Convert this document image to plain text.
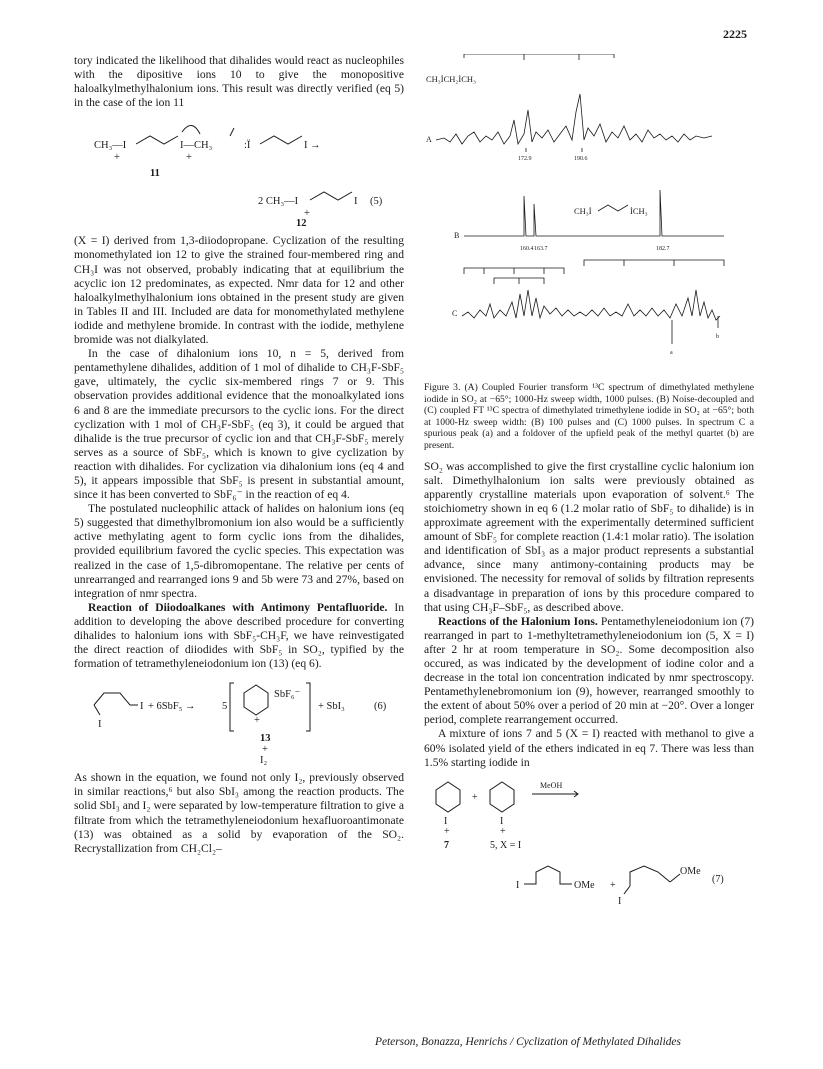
2225

tory indicated the likelihood that dihalides would react as nucleophiles with the dipositive ions 10 to give the monopositive haloalkylmethylhalonium ions. This result was directly verified (eq 5) in the case of the ion 11

CH₃—I
+
I—CH₃
+
:Ï	I →
11
2 CH₃—I
+
I (5)
12

(X = I) derived from 1,3-diiodopropane. Cyclization of the resulting monomethylated ion 12 to give the strained four-membered ring and CH₃I was not observed, probably indicating that at equilibrium the acyclic ion 12 predominates, as expected. Nmr data for 12 and other haloalkylmethylhalonium ions obtained in the present study are given in Tables II and III. Included are data for monomethylated methylene iodide and methylene bromide. In contrast with the iodide, methylene bromide was not dialkylated.

In the case of dihalonium ions 10, n = 5, derived from pentamethylene dihalides, addition of 1 mol of dihalide to CH₃F-SbF₅ gave, ultimately, the cyclic six-membered rings 7 or 9. This observation provides additional evidence that the monoalkylated ions 6 and 8 are the immediate precursors to the cyclic ions. For the direct cyclization with 1 mol of CH₃F-SbF₅ (eq 3), it could be argued that dihalide is the true precursor of cyclic ion and that CH₃F-SbF₅ merely serves as a source of SbF₅, which is known to give cyclization by reaction with dihalides. For cyclization via dihalonium ions (eq 4 and 5), it appears impossible that SbF₅ is present in substantial amount, since it has been converted to SbF₆⁻ in the reaction of eq 4.

The postulated nucleophilic attack of halides on halonium ions (eq 5) suggested that dimethylbromonium ion also would be a sufficiently active methylating agent to form cyclic ions from the dihalides, provided equilibrium favored the cyclic species. This expectation was realized in the case of 1,5-dibromopentane. The relative per cents of unrearranged and rearranged ions 9 and 5b were 73 and 27%, based on integration of nmr spectra.

Reaction of Diiodoalkanes with Antimony Pentafluoride. In addition to developing the above described procedure for converting dihalides to halonium ions with SbF₅-CH₃F, we have reinvestigated the direct reaction of diiodides with SbF₅ in SO₂, typified by the formation of tetramethyleneiodonium ion (13) (eq 6).

I
I + 6SbF₅ →	5
+
SbF₆⁻
+ SbI₃	(6)
13
+
I₂

As shown in the equation, we found not only I₂, previously observed in similar reactions,⁶ but also SbI₃ among the reaction products. The solid SbI₃ and I₂ were separated by low-temperature filtration to give a filtrate from which the tetramethyleneiodonium hexafluoroantimonate (13) was obtained as a solid by evaporation of the SO₂. Recrystallization from CH₂Cl₂–

CH₃İCH₂İCH₃
A
172.9	190.6
CH₃İ	İCH₃
B
160.4 163.7	182.7
C
a
b
Figure 3. (A) Coupled Fourier transform ¹³C spectrum of dimethylated methylene iodide in SO₂ at −65°; 1000-Hz sweep width, 1000 pulses. (B) Noise-decoupled and (C) coupled FT ¹³C spectra of dimethylated trimethylene iodide in SO₂ at −65°; both at 1000-Hz sweep width: (B) 100 pulses and (C) 1000 pulses. In spectrum C a spurious peak (a) and a foldover of the upfield peak of the methyl quartet (b) are present.

SO₂ was accomplished to give the first crystalline cyclic halonium ion salt. Dimethylhalonium ion salts were previously obtained as apparently crystalline materials upon evaporation of solvent.⁶ The stoichiometry shown in eq 6 (1.2 molar ratio of SbF₅ to dihalide) is in approximate agreement with the experimentally determined sufficient amount of SbF₅ for complete reaction (1.4:1 molar ratio). The isolation and identification of SbI₃ as a major product represents a substantial advance, since many antimony-containing products may be envisioned. The necessity for removal of solids by filtration represents a disadvantage in preparation of ions by this procedure compared to that using CH₃F–SbF₅, as described above.

Reactions of the Halonium Ions. Pentamethyleneiodonium ion (7) rearranged in part to 1-methyltetramethyleneiodonium ion (5, X = I) after 2 hr at room temperature in SO₂. Some decomposition also occured, as was indicated by the development of iodine color and a decrease in the total ion concentration indicated by nmr spectroscopy. Pentamethylenebromonium ion (9), however, rearranged smoothly to the extent of about 50% over a period of 20 min at −20°. Over a longer period, complete rearrangement occurred.

A mixture of ions 7 and 5 (X = I) reacted with methanol to give a 60% isolated yield of the ethers indicated in eq 7. There was less than 1.5% starting iodide in

I
+
+
I
+
MeOH
7	5, X = I
I	OMe +
OMe
I
(7)
Peterson, Bonazza, Henrichs / Cyclization of Methylated Dihalides
